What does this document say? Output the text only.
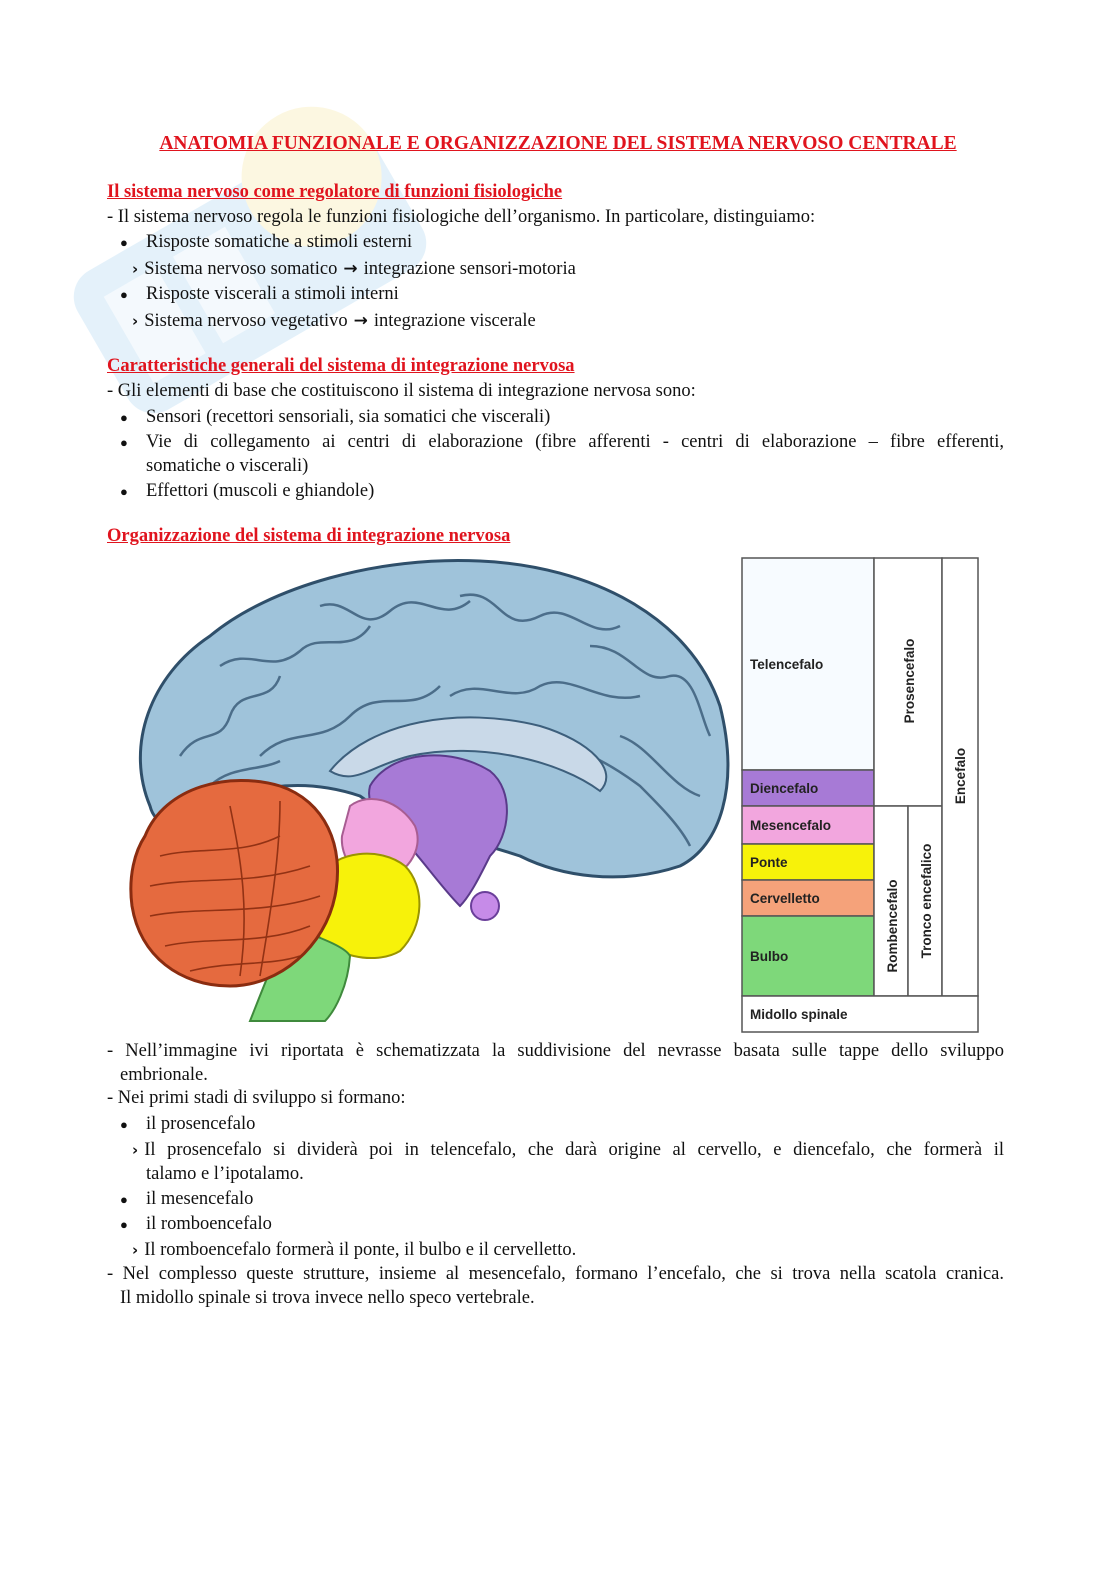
ANATOMIA FUNZIONALE E ORGANIZZAZIONE DEL SISTEMA NERVOSO CENTRALE
Il sistema nervoso come regolatore di funzioni fisiologiche
- Il sistema nervoso regola le funzioni fisiologiche dell’organismo. In particolare, distinguiamo:
● Risposte somatiche a stimoli esterni
› Sistema nervoso somatico → integrazione sensori-motoria
● Risposte viscerali a stimoli interni
› Sistema nervoso vegetativo → integrazione viscerale
Caratteristiche generali del sistema di integrazione nervosa
- Gli elementi di base che costituiscono il sistema di integrazione nervosa sono:
● Sensori (recettori sensoriali, sia somatici che viscerali)
● Vie di collegamento ai centri di elaborazione (fibre afferenti - centri di elaborazione – fibre efferenti,
somatiche o viscerali)
● Effettori (muscoli e ghiandole)
Organizzazione del sistema di integrazione nervosa
Telencefalo
Diencefalo
Mesencefalo
Ponte
Cervelletto
Bulbo
Midollo spinale
Prosencefalo
Rombencefalo Tronco encefalico
Encefalo
- Nell’immagine ivi riportata è schematizzata la suddivisione del nevrasse basata sulle tappe dello sviluppo
embrionale.
- Nei primi stadi di sviluppo si formano:
● il prosencefalo
› Il prosencefalo si dividerà poi in telencefalo, che darà origine al cervello, e diencefalo, che formerà il
talamo e l’ipotalamo.
● il mesencefalo
● il romboencefalo
› Il romboencefalo formerà il ponte, il bulbo e il cervelletto.
- Nel complesso queste strutture, insieme al mesencefalo, formano l’encefalo, che si trova nella scatola cranica.
Il midollo spinale si trova invece nello speco vertebrale.
